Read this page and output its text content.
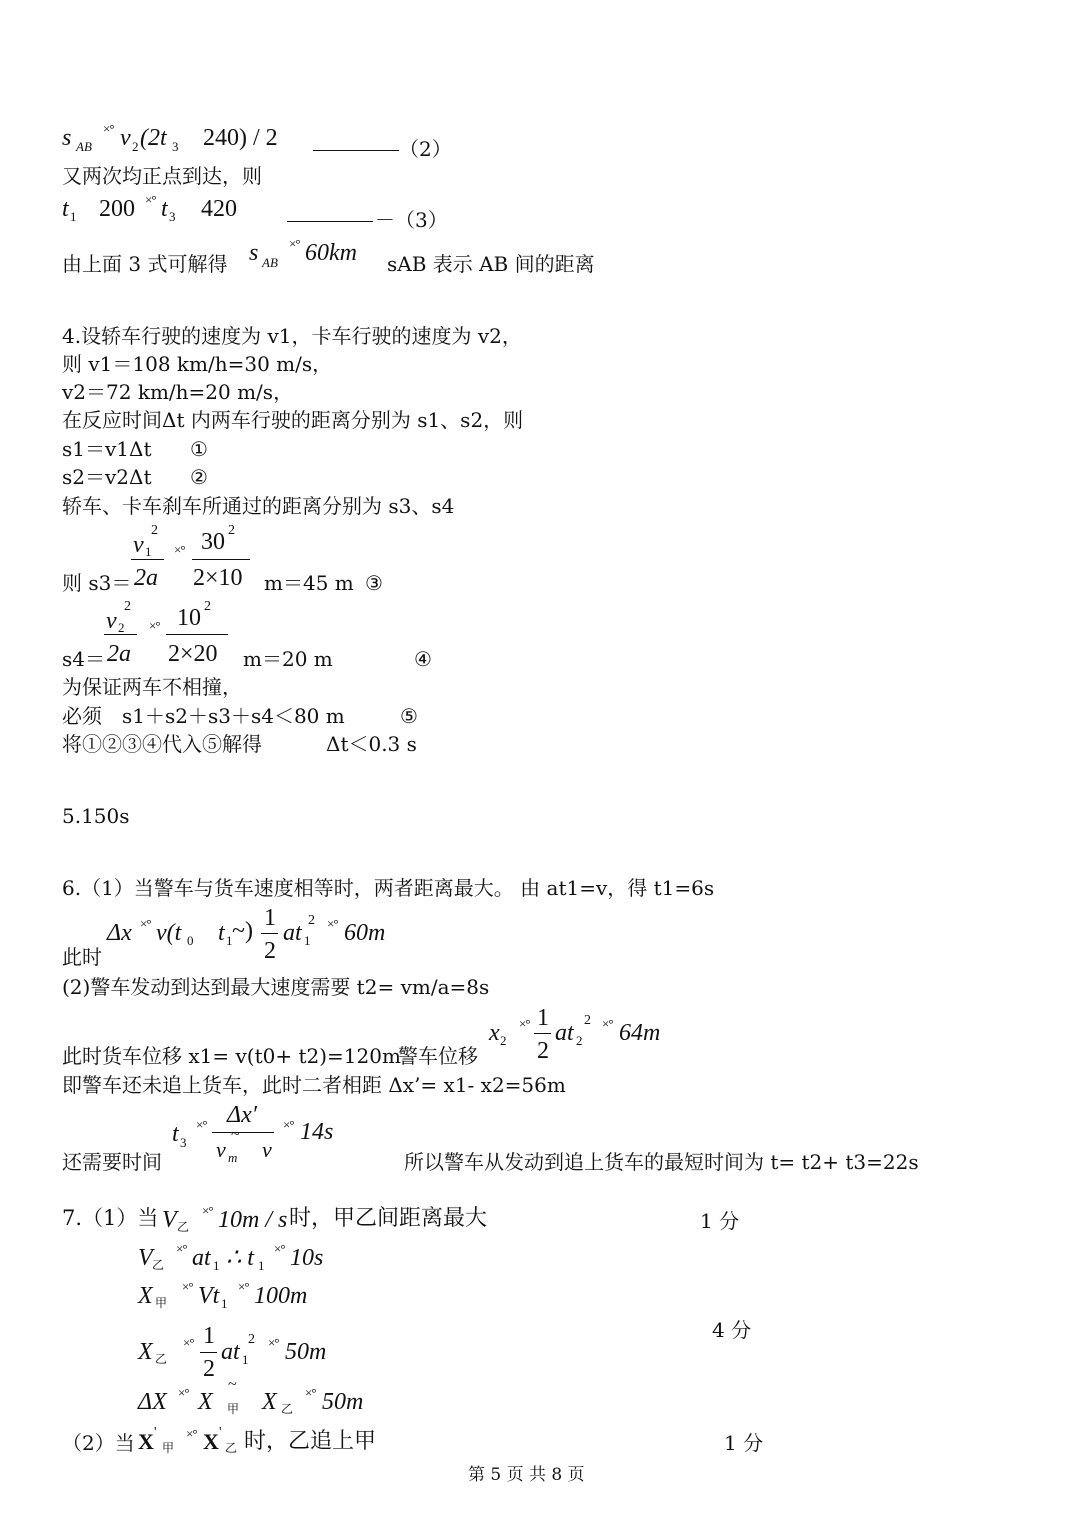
s AB
×° v 2 (2t 3 240) / 2	（2）
又两次均正点到达，则
t 1 200 ×° t 3 420	－（3）
由上面 3 式可解得 s AB
×° 60km sAB 表示 AB 间的距离
4.设轿车行驶的速度为 v1，卡车行驶的速度为 v2，
则 v1＝108 km/h=30 m/s，
v2＝72 km/h=20 m/s，
在反应时间Δt 内两车行驶的距离分别为 s1、s2，则
s1＝v1Δt ①
s2＝v2Δt ②
轿车、卡车刹车所通过的距离分别为 s3、s4
v 1
2
2a
×° 30 2
2×10
则 s3＝	m＝45 m ③
v 2
2
2a
×° 10 2
2×20
s4＝	m＝20 m	④
为保证两车不相撞，
必须　s1＋s2＋s3＋s4＜80 m	⑤
将①②③④代入⑤解得	Δt＜0.3 s
5.150s
6.（1）当警车与货车速度相等时，两者距离最大。 由 at1=v，得 t1=6s
Δx ×° v(t 0 t 1 ~) 1
2
at 1
2 ×° 60m
此时
(2)警车发动到达到最大速度需要 t2= vm/a=8s
x 2
×° 1
2
at 2
2 ×° 64m
此时货车位移 x1= v(t0+ t2)=120m
警车位移
即警车还未追上货车，此时二者相距 Δx’= x1- x2=56m
t 3
×° Δx′
v m
~
v
×° 14s
还需要时间	所以警车从发动到追上货车的最短时间为 t= t2+ t3=22s
7.（1）当 V 乙
×° 10m / s 时，甲乙间距离最大	1 分
V 乙
×° at 1 ∴ t 1
×° 10s
X 甲
×° Vt 1
×° 100m
4 分
X 乙
×° 1
2
at 1
2 ×° 50m
ΔX ×° X
~
甲 X 乙
×° 50m
（2）当 X '
甲
×° X '
乙 时，乙追上甲	1 分
第 5 页 共 8 页
